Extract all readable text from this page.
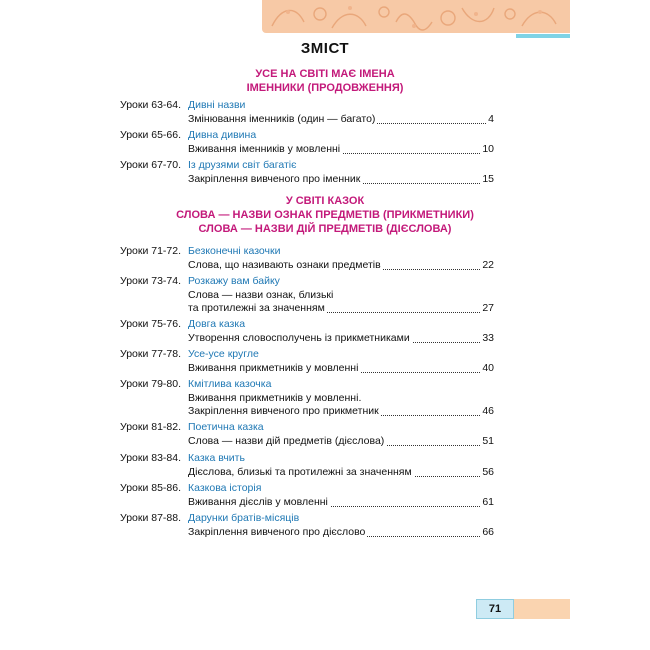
ЗМІСТ
УСЕ НА СВІТІ МАЄ ІМЕНА
ІМЕННИКИ (ПРОДОВЖЕННЯ)
Уроки 63-64. Дивні назви
Змінювання іменників (один — багато)	4
Уроки 65-66. Дивна дивина
Вживання іменників у мовленні	10
Уроки 67-70. Із друзями світ багатіє
Закріплення вивченого про іменник	15
У СВІТІ КАЗОК
СЛОВА — НАЗВИ ОЗНАК ПРЕДМЕТІВ (ПРИКМЕТНИКИ)
СЛОВА — НАЗВИ ДІЙ ПРЕДМЕТІВ (ДІЄСЛОВА)
Уроки 71-72. Безконечні казочки
Слова, що називають ознаки предметів	22
Уроки 73-74. Розкажу вам байку
Слова — назви ознак, близькі
та протилежні за значенням	27
Уроки 75-76. Довга казка
Утворення словосполучень із прикметниками	33
Уроки 77-78. Усе-усе кругле
Вживання прикметників у мовленні	40
Уроки 79-80. Кмітлива казочка
Вживання прикметників у мовленні.
Закріплення вивченого про прикметник	46
Уроки 81-82. Поетична казка
Слова — назви дій предметів (дієслова)	51
Уроки 83-84. Казка вчить
Дієслова, близькі та протилежні за значенням	56
Уроки 85-86. Казкова історія
Вживання дієслів у мовленні	61
Уроки 87-88. Дарунки братів-місяців
Закріплення вивченого про дієслово	66
71
